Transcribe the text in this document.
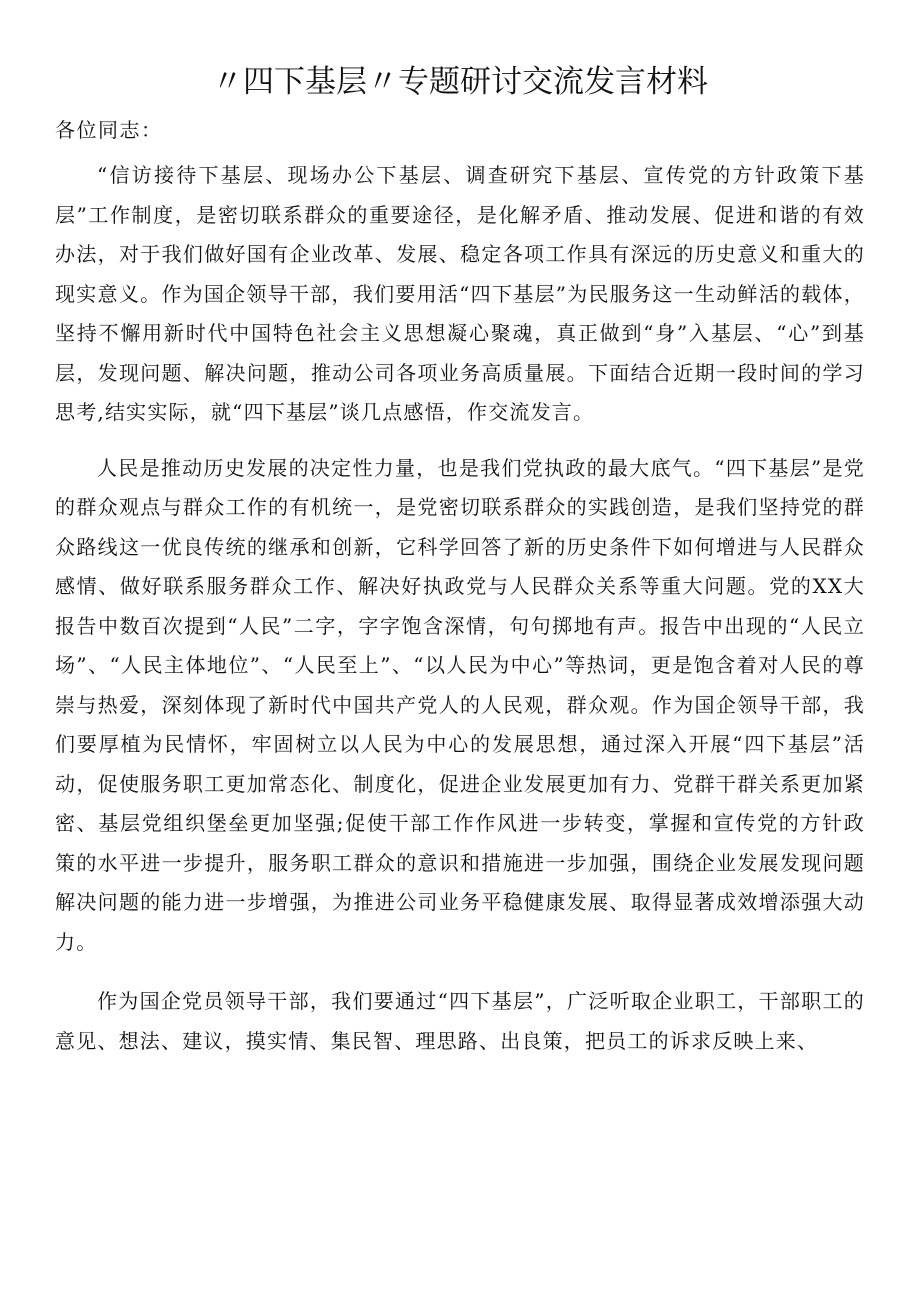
〃四下基层〃专题研讨交流发言材料

各位同志：

“信访接待下基层、现场办公下基层、调查研究下基层、宣传党的方针政策下基层”工作制度，是密切联系群众的重要途径，是化解矛盾、推动发展、促进和谐的有效办法，对于我们做好国有企业改革、发展、稳定各项工作具有深远的历史意义和重大的现实意义。作为国企领导干部，我们要用活“四下基层”为民服务这一生动鲜活的载体，坚持不懈用新时代中国特色社会主义思想凝心聚魂，真正做到“身”入基层、“心”到基层，发现问题、解决问题，推动公司各项业务高质量展。下面结合近期一段时间的学习思考,结实实际，就“四下基层”谈几点感悟，作交流发言。

人民是推动历史发展的决定性力量，也是我们党执政的最大底气。“四下基层”是党的群众观点与群众工作的有机统一，是党密切联系群众的实践创造，是我们坚持党的群众路线这一优良传统的继承和创新，它科学回答了新的历史条件下如何增进与人民群众感情、做好联系服务群众工作、解决好执政党与人民群众关系等重大问题。党的XX大报告中数百次提到“人民”二字，字字饱含深情，句句掷地有声。报告中出现的“人民立场”、“人民主体地位”、“人民至上”、“以人民为中心”等热词，更是饱含着对人民的尊崇与热爱，深刻体现了新时代中国共产党人的人民观，群众观。作为国企领导干部，我们要厚植为民情怀，牢固树立以人民为中心的发展思想，通过深入开展“四下基层”活动，促使服务职工更加常态化、制度化，促进企业发展更加有力、党群干群关系更加紧密、基层党组织堡垒更加坚强;促使干部工作作风进一步转变，掌握和宣传党的方针政策的水平进一步提升，服务职工群众的意识和措施进一步加强，围绕企业发展发现问题解决问题的能力进一步增强，为推进公司业务平稳健康发展、取得显著成效增添强大动力。

作为国企党员领导干部，我们要通过“四下基层”，广泛听取企业职工，干部职工的意见、想法、建议，摸实情、集民智、理思路、出良策，把员工的诉求反映上来、
